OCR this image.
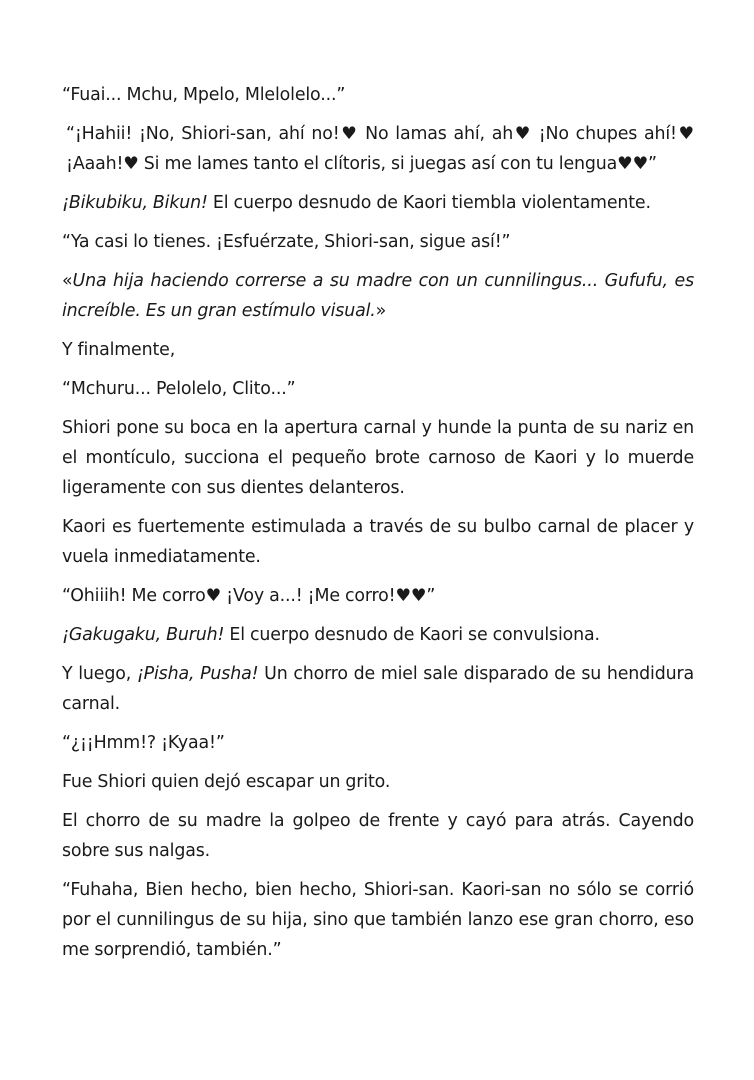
“Fuai... Mchu, Mpelo, Mlelolelo...”

“¡Hahii! ¡No, Shiori-san, ahí no!♥ No lamas ahí, ah♥ ¡No chupes ahí!♥ ¡Aaah!♥ Si me lames tanto el clítoris, si juegas así con tu lengua♥♥”

¡Bikubiku, Bikun! El cuerpo desnudo de Kaori tiembla violentamente.

“Ya casi lo tienes. ¡Esfuérzate, Shiori-san, sigue así!”

«Una hija haciendo correrse a su madre con un cunnilingus... Gufufu, es increíble. Es un gran estímulo visual.»

Y finalmente,

“Mchuru... Pelolelo, Clito...”

Shiori pone su boca en la apertura carnal y hunde la punta de su nariz en el montículo, succiona el pequeño brote carnoso de Kaori y lo muerde ligeramente con sus dientes delanteros.

Kaori es fuertemente estimulada a través de su bulbo carnal de placer y vuela inmediatamente.

“Ohiiih! Me corro♥ ¡Voy a...! ¡Me corro!♥♥”

¡Gakugaku, Buruh! El cuerpo desnudo de Kaori se convulsiona.

Y luego, ¡Pisha, Pusha! Un chorro de miel sale disparado de su hendidura carnal.

“¿¡¡Hmm!? ¡Kyaa!”

Fue Shiori quien dejó escapar un grito.

El chorro de su madre la golpeo de frente y cayó para atrás. Cayendo sobre sus nalgas.

“Fuhaha, Bien hecho, bien hecho, Shiori-san. Kaori-san no sólo se corrió por el cunnilingus de su hija, sino que también lanzo ese gran chorro, eso me sorprendió, también.”
